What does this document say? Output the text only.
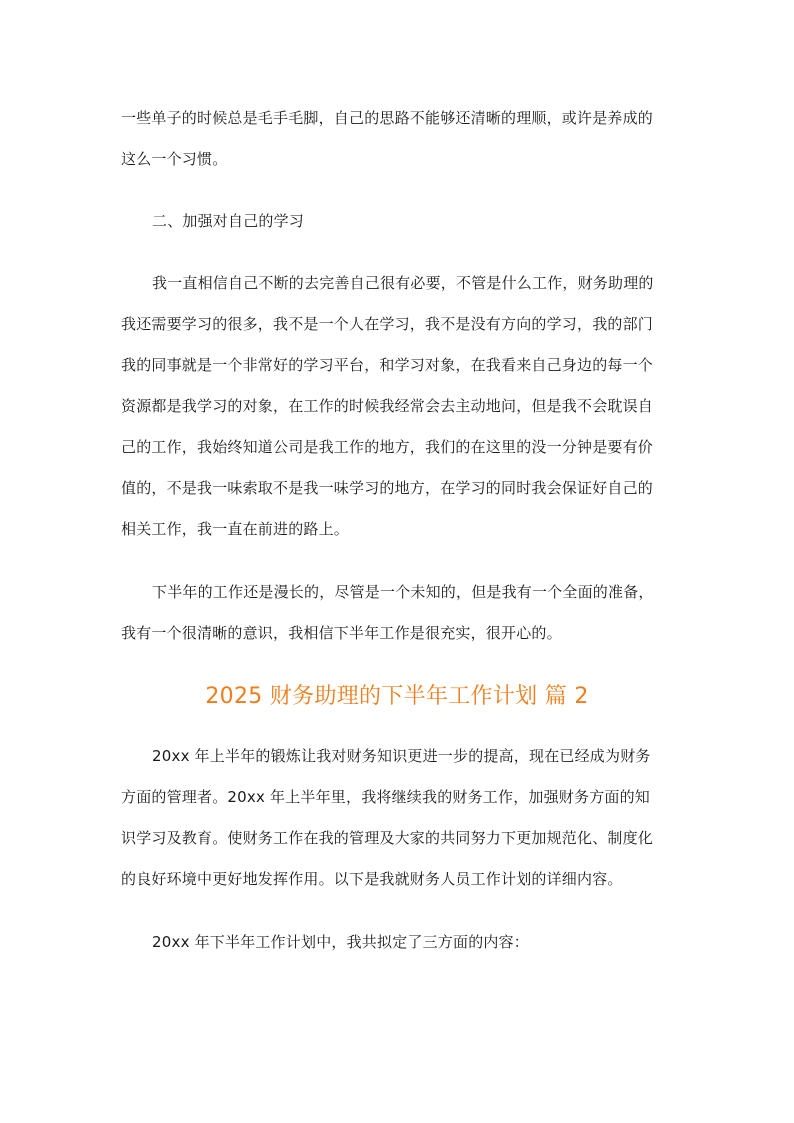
一些单子的时候总是毛手毛脚，自己的思路不能够还清晰的理顺，或许是养成的
这么一个习惯。
二、加强对自己的学习
我一直相信自己不断的去完善自己很有必要，不管是什么工作，财务助理的
我还需要学习的很多，我不是一个人在学习，我不是没有方向的学习，我的部门
我的同事就是一个非常好的学习平台，和学习对象，在我看来自己身边的每一个
资源都是我学习的对象，在工作的时候我经常会去主动地问，但是我不会耽误自
己的工作，我始终知道公司是我工作的地方，我们的在这里的没一分钟是要有价
值的，不是我一味索取不是我一味学习的地方，在学习的同时我会保证好自己的
相关工作，我一直在前进的路上。
下半年的工作还是漫长的，尽管是一个未知的，但是我有一个全面的准备，
我有一个很清晰的意识，我相信下半年工作是很充实，很开心的。
2025 财务助理的下半年工作计划 篇 2
20xx 年上半年的锻炼让我对财务知识更进一步的提高，现在已经成为财务
方面的管理者。20xx 年上半年里，我将继续我的财务工作，加强财务方面的知
识学习及教育。使财务工作在我的管理及大家的共同努力下更加规范化、制度化
的良好环境中更好地发挥作用。以下是我就财务人员工作计划的详细内容。
20xx 年下半年工作计划中，我共拟定了三方面的内容：
